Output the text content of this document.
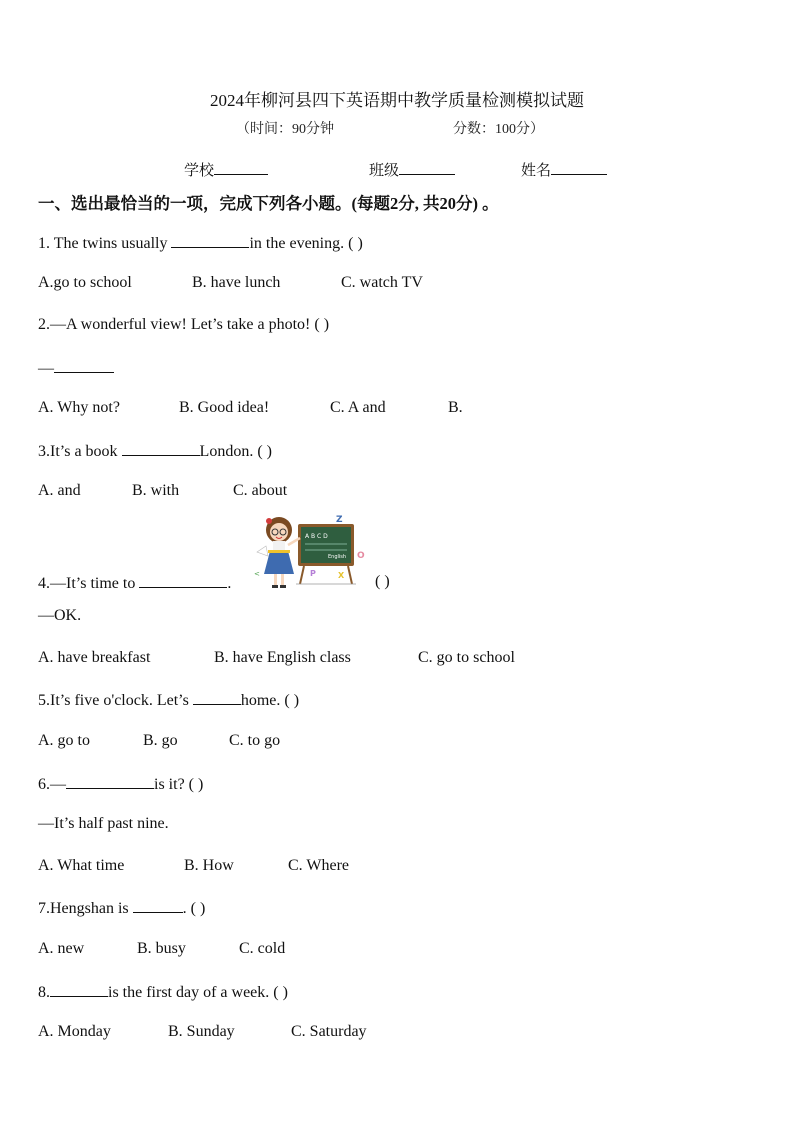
2024年柳河县四下英语期中教学质量检测模拟试题
（时间：90分钟	分数：100分）
学校	班级	姓名
一、选出最恰当的一项，完成下列各小题。(每题2分, 共20分) 。
1. The twins usually	in the evening. ( )
A.go to school	B. have lunch	C. watch TV
2.—A wonderful view! Let’s take a photo! ( )
—
A. Why not?	B. Good idea!	C. A and	B.
3.It’s a book	London. ( )
A. and	B. with	C. about
A B C D
English
Z
O
P	X
<
4.—It’s time to	.	( )
—OK.
A. have breakfast	B. have English class	C. go to school
5.It’s five o'clock. Let’s	home. ( )
A. go to	B. go	C. to go
6.—	is it? ( )
—It’s half past nine.
A. What time	B. How	C. Where
7.Hengshan is	. ( )
A. new	B. busy	C. cold
8.	is the first day of a week. ( )
A. Monday	B. Sunday	C. Saturday
